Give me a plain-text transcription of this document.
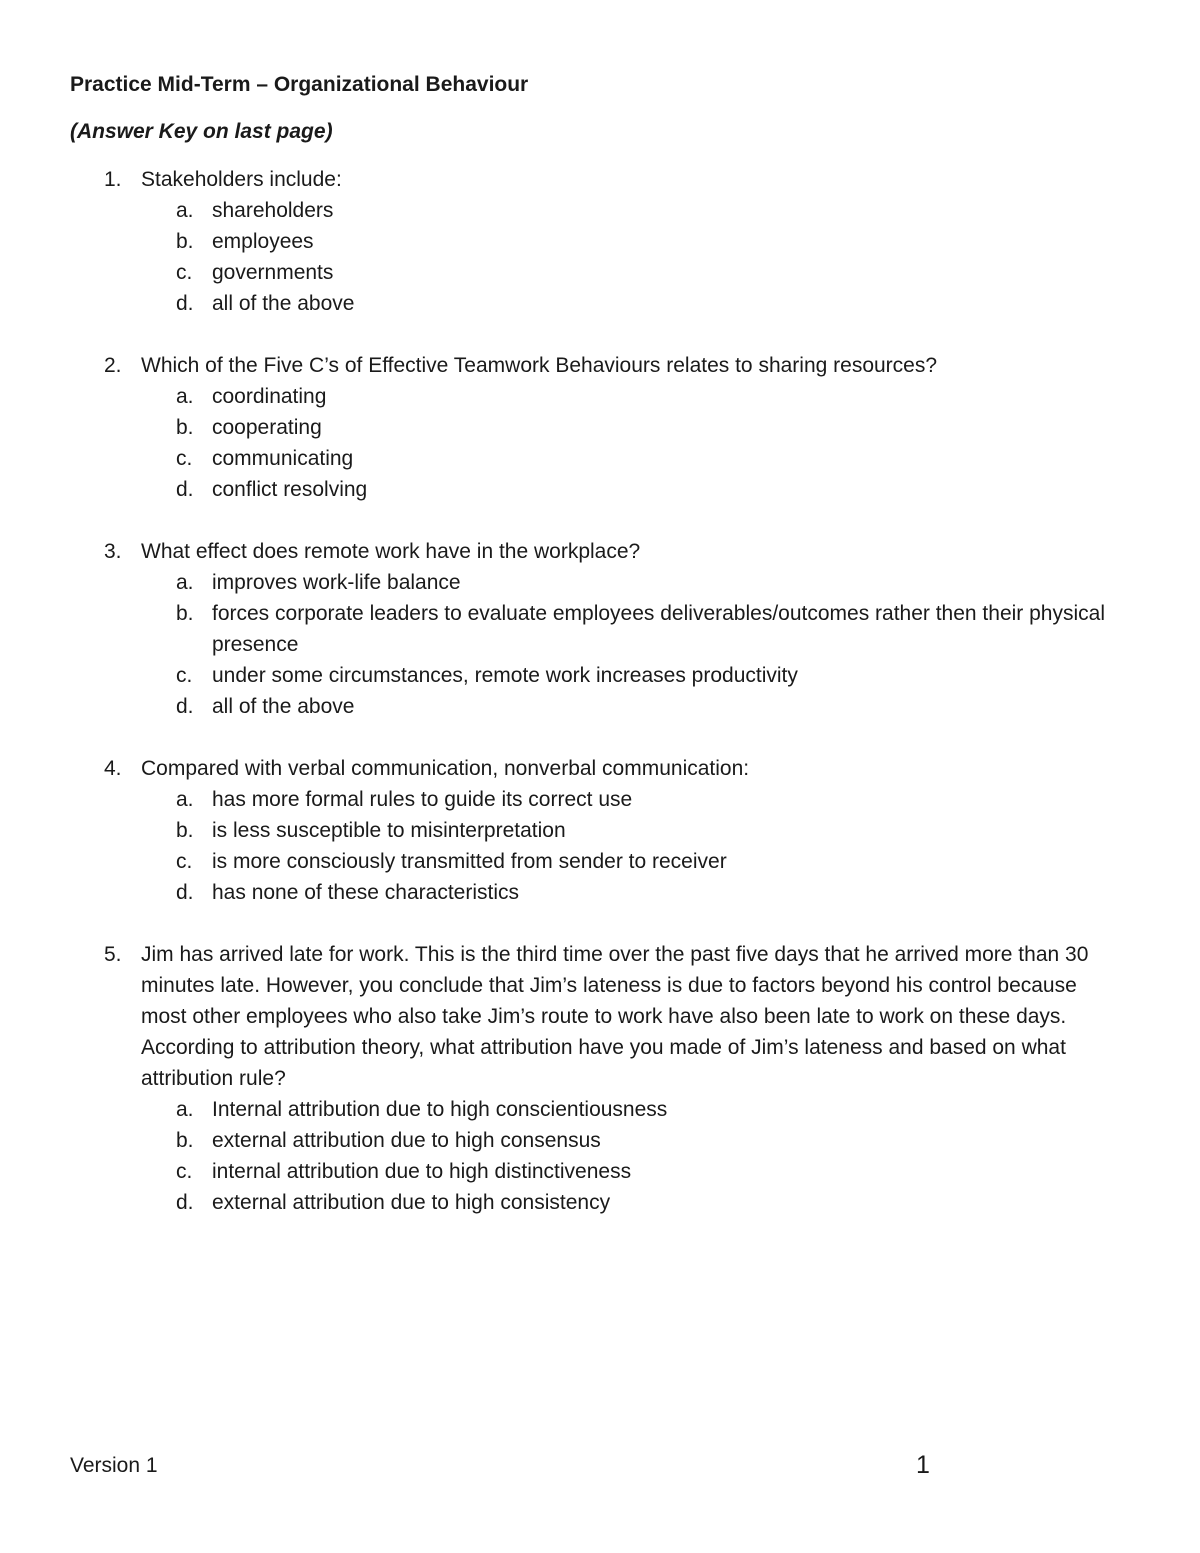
Practice Mid-Term – Organizational Behaviour

(Answer Key on last page)

1. Stakeholders include:
a. shareholders
b. employees
c. governments
d. all of the above
2. Which of the Five C’s of Effective Teamwork Behaviours relates to sharing resources?
a. coordinating
b. cooperating
c. communicating
d. conflict resolving
3. What effect does remote work have in the workplace?
a. improves work-life balance
b. forces corporate leaders to evaluate employees deliverables/outcomes rather then their physical presence
c. under some circumstances, remote work increases productivity
d. all of the above
4. Compared with verbal communication, nonverbal communication:
a. has more formal rules to guide its correct use
b. is less susceptible to misinterpretation
c. is more consciously transmitted from sender to receiver
d. has none of these characteristics
5. Jim has arrived late for work. This is the third time over the past five days that he arrived more than 30 minutes late. However, you conclude that Jim’s lateness is due to factors beyond his control because most other employees who also take Jim’s route to work have also been late to work on these days. According to attribution theory, what attribution have you made of Jim’s lateness and based on what attribution rule?
a. Internal attribution due to high conscientiousness
b. external attribution due to high consensus
c. internal attribution due to high distinctiveness
d. external attribution due to high consistency
Version 1	1
